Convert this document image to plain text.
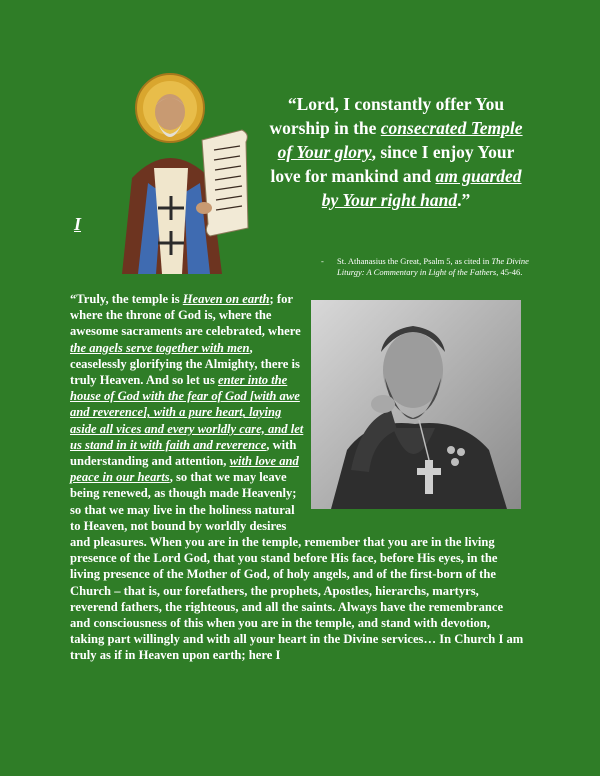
I
“Lord, I constantly offer You worship in the consecrated Temple of Your glory, since I enjoy Your love for mankind and am guarded by Your right hand.”
- St. Athanasius the Great, Psalm 5, as cited in The Divine Liturgy: A Commentary in Light of the Fathers, 45-46.
“Truly, the temple is Heaven on earth; for where the throne of God is, where the awesome sacraments are celebrated, where the angels serve together with men, ceaselessly glorifying the Almighty, there is truly Heaven. And so let us enter into the house of God with the fear of God [with awe and reverence], with a pure heart, laying aside all vices and every worldly care, and let us stand in it with faith and reverence, with understanding and attention, with love and peace in our hearts, so that we may leave being renewed, as though made Heavenly; so that we may live in the holiness natural to Heaven, not bound by worldly desires and pleasures. When you are in the temple, remember that you are in the living presence of the Lord God, that you stand before His face, before His eyes, in the living presence of the Mother of God, of holy angels, and of the first-born of the Church – that is, our forefathers, the prophets, Apostles, hierarchs, martyrs, reverend fathers, the righteous, and all the saints. Always have the remembrance and consciousness of this when you are in the temple, and stand with devotion, taking part willingly and with all your heart in the Divine services… In Church I am truly as if in Heaven upon earth; here I
